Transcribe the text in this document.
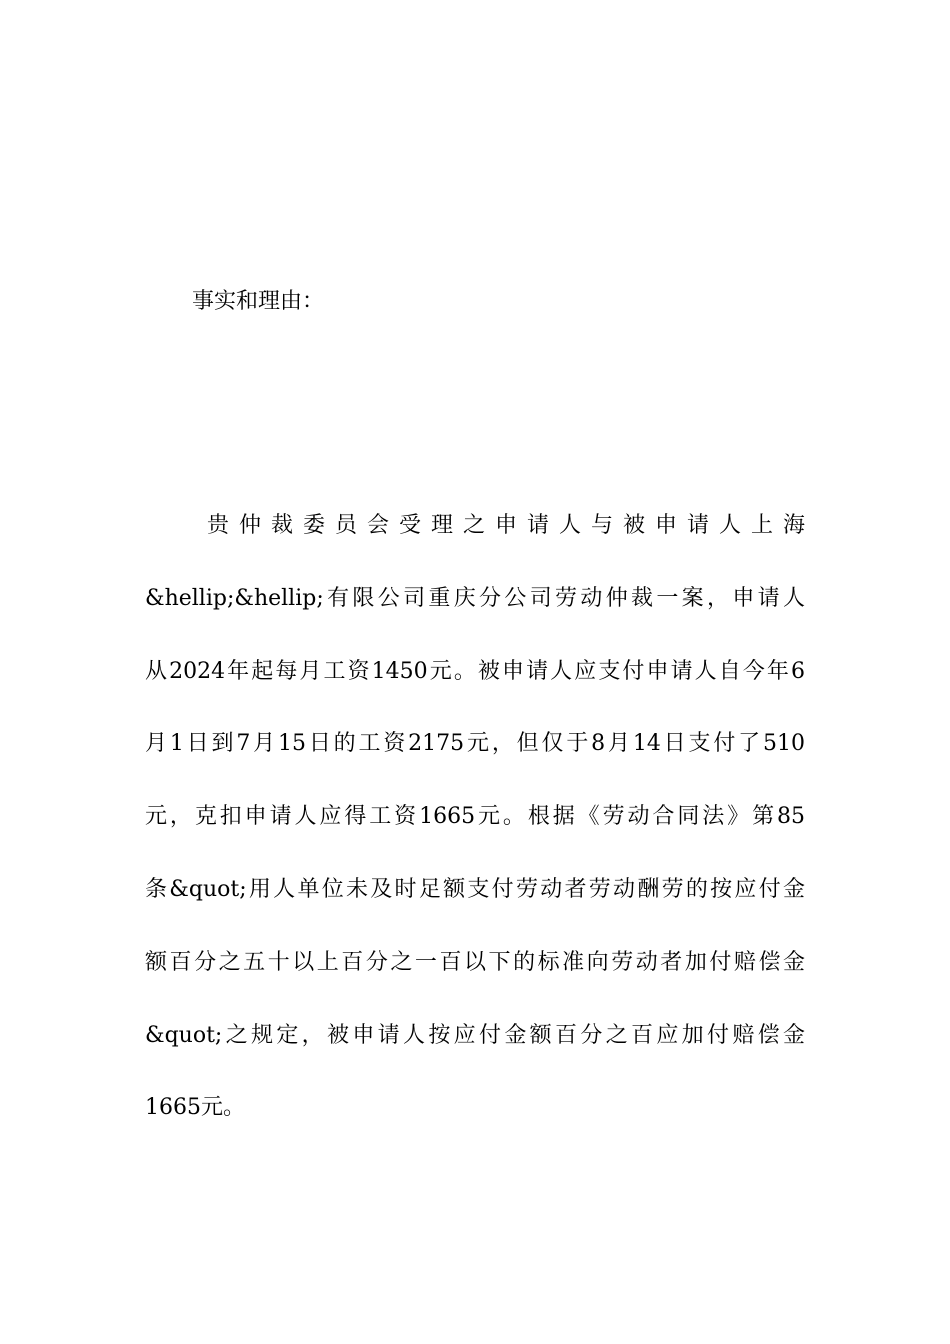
事实和理由：
贵仲裁委员会受理之申请人与被申请人上海
&hellip;&hellip;有限公司重庆分公司劳动仲裁一案，申请人
从2024年起每月工资1450元。被申请人应支付申请人自今年6
月1日到7月15日的工资2175元，但仅于8月14日支付了510
元，克扣申请人应得工资1665元。根据《劳动合同法》第85
条&quot;用人单位未及时足额支付劳动者劳动酬劳的按应付金
额百分之五十以上百分之一百以下的标准向劳动者加付赔偿金
&quot;之规定，被申请人按应付金额百分之百应加付赔偿金
1665元。
